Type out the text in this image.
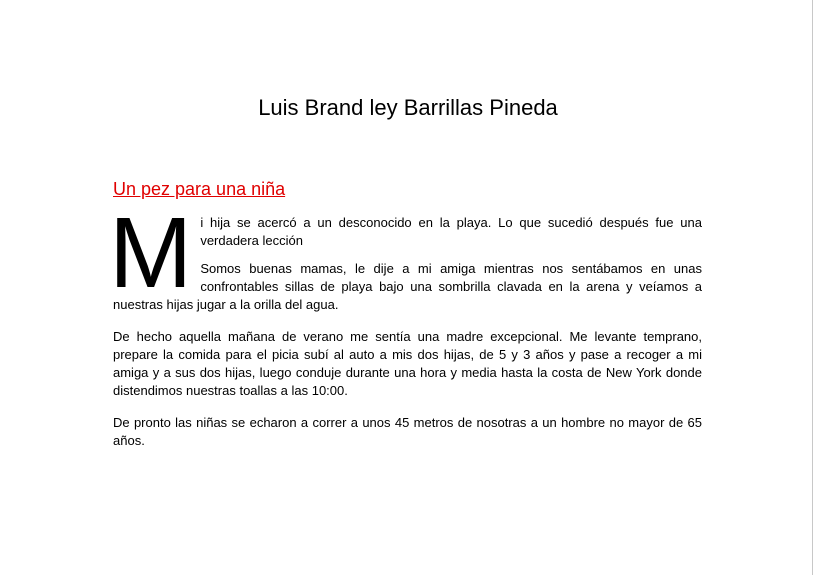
Luis Brand ley Barrillas Pineda
Un pez para una niña

M i hija se acercó a un desconocido en la playa. Lo que sucedió después fue una verdadera lección

Somos buenas mamas, le dije a mi amiga mientras nos sentábamos en unas confrontables sillas de playa bajo una sombrilla clavada en la arena y veíamos a nuestras hijas jugar a la orilla del agua.

De hecho aquella mañana de verano me sentía una madre excepcional. Me levante temprano, prepare la comida para el picia subí al auto a mis dos hijas, de 5 y 3 años y pase a recoger a mi amiga y a sus dos hijas, luego conduje durante una hora y media hasta la costa de New York donde distendimos nuestras toallas a las 10:00.

De pronto las niñas se echaron a correr a unos 45 metros de nosotras a un hombre no mayor de 65 años.
